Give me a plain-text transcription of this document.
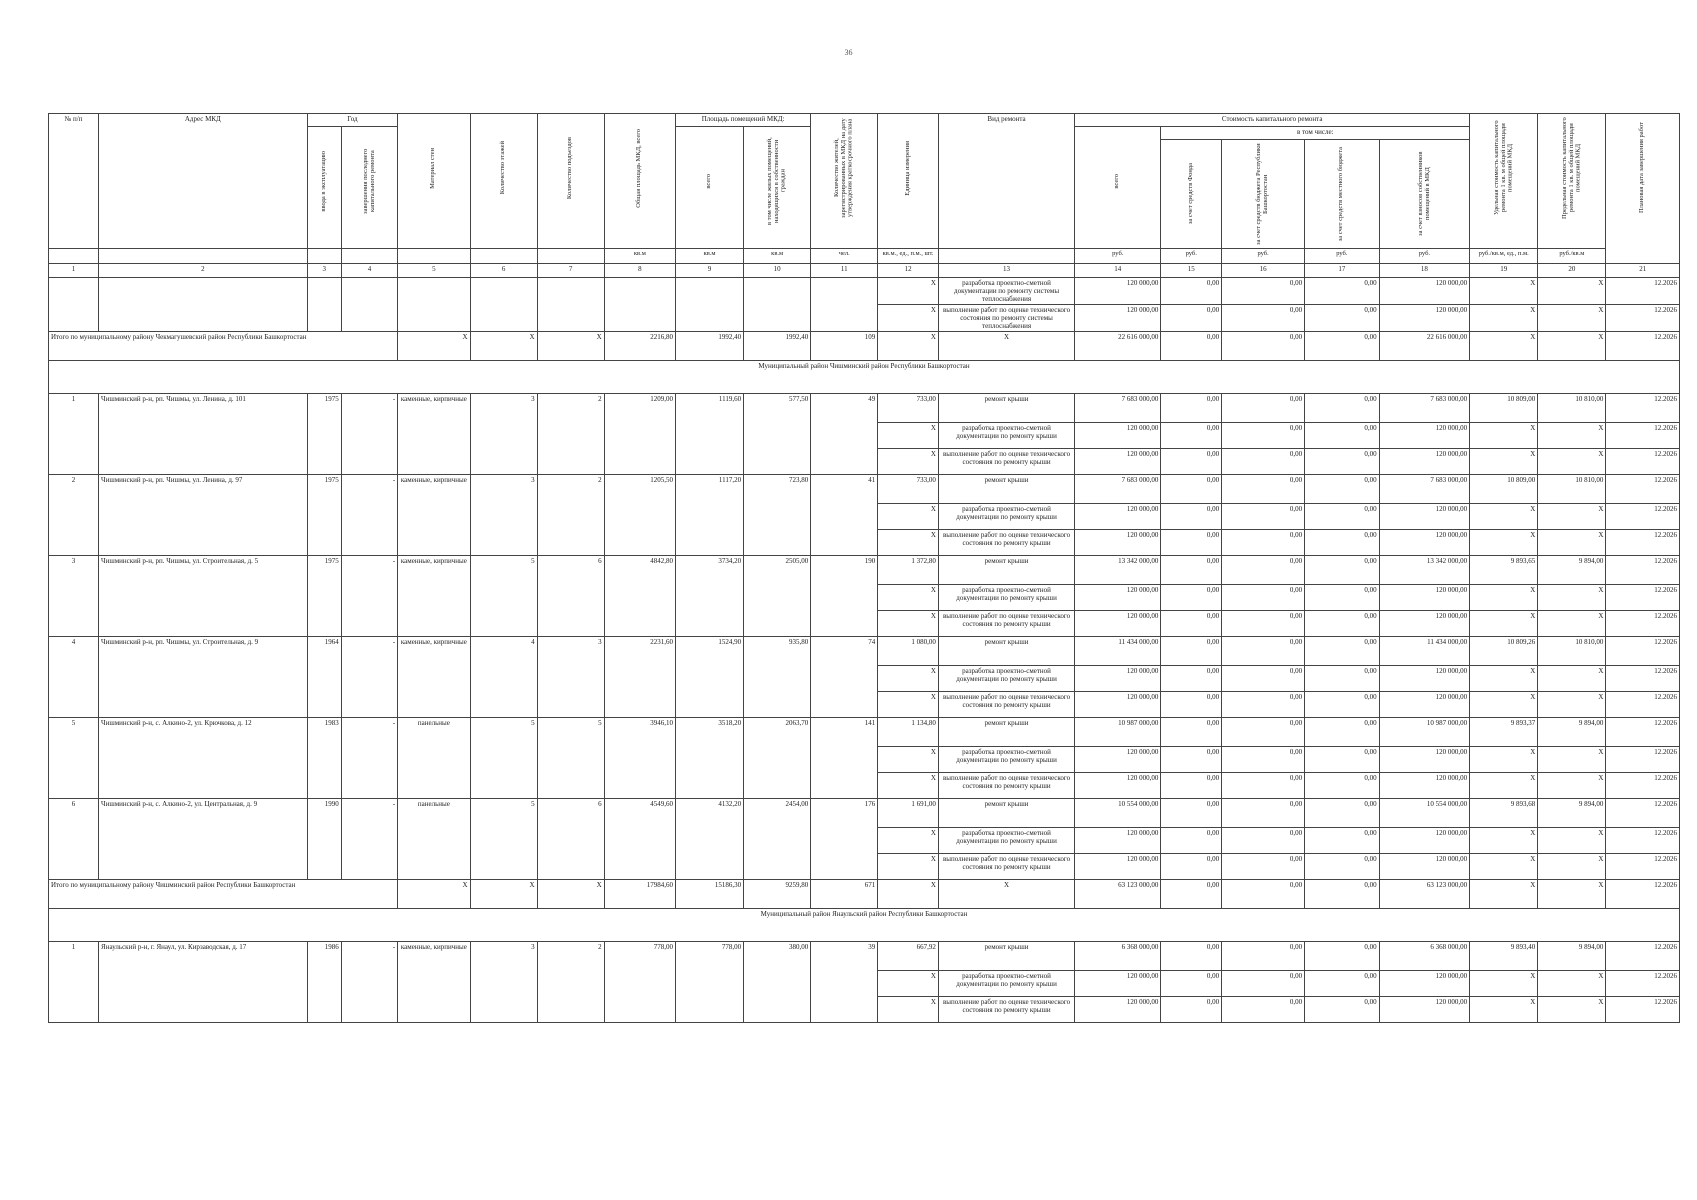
36
№ п/п	Адрес МКД	Год		Материал стен	Количество этажей	Количество подъездов	Общая площадь МКД, всего	Площадь помещений МКД:		Количество жителей, зарегистрированных в МКД на дату утверждения краткосрочного плана	Единица измерения	Вид ремонта	Стоимость капитального ремонта					Удельная стоимость капитального ремонта 1 кв. м общей площади помещений МКД	Предельная стоимость капитального ремонта 1 кв. м общей площади помещений МКД	Плановая дата завершения работ

		ввода в эксплуатацию	завершения последнего капитального ремонта					всего	в том числе жилых помещений, находящихся в собственности граждан				всего	в том числе:						

														за счет средств Фонда	за счет средств бюджета Республики Башкортостан	за счет средств местного бюджета	за счет взносов собственников помещений в МКД			

							кв.м	кв.м	кв.м	чел.	кв.м., ед., п.м., шт.		руб.	руб.	руб.	руб.	руб.	руб./кв.м, ед., п.м.	руб./кв.м	
1	2	3	4	5	6	7	8	9	10	11	12	13	14	15	16	17	18	19	20	21
											X	разработка проектно-сметной документации по ремонту системы теплоснабжения	120 000,00	0,00	0,00	0,00	120 000,00	X	X	12.2026
											X	выполнение работ по оценке технического состояния по ремонту системы теплоснабжения	120 000,00	0,00	0,00	0,00	120 000,00	X	X	12.2026
Итого по муниципальному району Чекмагушевский район Республики Башкортостан				X	X	X	2216,80	1992,40	1992,40	109	X	X	22 616 000,00	0,00	0,00	0,00	22 616 000,00	X	X	12.2026
Муниципальный район Чишминский район Республики Башкортостан																				
1	Чишминский р-н, рп. Чишмы, ул. Ленина, д. 101	1975	-	каменные, кирпичные	3	2	1209,00	1119,60	577,50	49	733,00	ремонт крыши	7 683 000,00	0,00	0,00	0,00	7 683 000,00	10 809,00	10 810,00	12.2026
											X	разработка проектно-сметной документации по ремонту крыши	120 000,00	0,00	0,00	0,00	120 000,00	X	X	12.2026
											X	выполнение работ по оценке технического состояния по ремонту крыши	120 000,00	0,00	0,00	0,00	120 000,00	X	X	12.2026
2	Чишминский р-н, рп. Чишмы, ул. Ленина, д. 97	1975	-	каменные, кирпичные	3	2	1205,50	1117,20	723,80	41	733,00	ремонт крыши	7 683 000,00	0,00	0,00	0,00	7 683 000,00	10 809,00	10 810,00	12.2026
											X	разработка проектно-сметной документации по ремонту крыши	120 000,00	0,00	0,00	0,00	120 000,00	X	X	12.2026
											X	выполнение работ по оценке технического состояния по ремонту крыши	120 000,00	0,00	0,00	0,00	120 000,00	X	X	12.2026
3	Чишминский р-н, рп. Чишмы, ул. Строительная, д. 5	1975	-	каменные, кирпичные	5	6	4842,80	3734,20	2505,00	190	1 372,80	ремонт крыши	13 342 000,00	0,00	0,00	0,00	13 342 000,00	9 893,65	9 894,00	12.2026
											X	разработка проектно-сметной документации по ремонту крыши	120 000,00	0,00	0,00	0,00	120 000,00	X	X	12.2026
											X	выполнение работ по оценке технического состояния по ремонту крыши	120 000,00	0,00	0,00	0,00	120 000,00	X	X	12.2026
4	Чишминский р-н, рп. Чишмы, ул. Строительная, д. 9	1964	-	каменные, кирпичные	4	3	2231,60	1524,90	935,80	74	1 080,00	ремонт крыши	11 434 000,00	0,00	0,00	0,00	11 434 000,00	10 809,26	10 810,00	12.2026
											X	разработка проектно-сметной документации по ремонту крыши	120 000,00	0,00	0,00	0,00	120 000,00	X	X	12.2026
											X	выполнение работ по оценке технического состояния по ремонту крыши	120 000,00	0,00	0,00	0,00	120 000,00	X	X	12.2026
5	Чишминский р-н, с. Алкино-2, ул. Крючкова, д. 12	1983	-	панельные	5	5	3946,10	3518,20	2063,70	141	1 134,80	ремонт крыши	10 987 000,00	0,00	0,00	0,00	10 987 000,00	9 893,37	9 894,00	12.2026
											X	разработка проектно-сметной документации по ремонту крыши	120 000,00	0,00	0,00	0,00	120 000,00	X	X	12.2026
											X	выполнение работ по оценке технического состояния по ремонту крыши	120 000,00	0,00	0,00	0,00	120 000,00	X	X	12.2026
6	Чишминский р-н, с. Алкино-2, ул. Центральная, д. 9	1990	-	панельные	5	6	4549,60	4132,20	2454,00	176	1 691,00	ремонт крыши	10 554 000,00	0,00	0,00	0,00	10 554 000,00	9 893,68	9 894,00	12.2026
											X	разработка проектно-сметной документации по ремонту крыши	120 000,00	0,00	0,00	0,00	120 000,00	X	X	12.2026
											X	выполнение работ по оценке технического состояния по ремонту крыши	120 000,00	0,00	0,00	0,00	120 000,00	X	X	12.2026
Итого по муниципальному району Чишминский район Республики Башкортостан				X	X	X	17984,60	15186,30	9259,80	671	X	X	63 123 000,00	0,00	0,00	0,00	63 123 000,00	X	X	12.2026
Муниципальный район Янаульский район Республики Башкортостан																				
1	Янаульский р-н, г. Янаул, ул. Кирзаводская, д. 17	1986	-	каменные, кирпичные	3	2	778,00	778,00	380,00	39	667,92	ремонт крыши	6 368 000,00	0,00	0,00	0,00	6 368 000,00	9 893,40	9 894,00	12.2026
											X	разработка проектно-сметной документации по ремонту крыши	120 000,00	0,00	0,00	0,00	120 000,00	X	X	12.2026
											X	выполнение работ по оценке технического состояния по ремонту крыши	120 000,00	0,00	0,00	0,00	120 000,00	X	X	12.2026
